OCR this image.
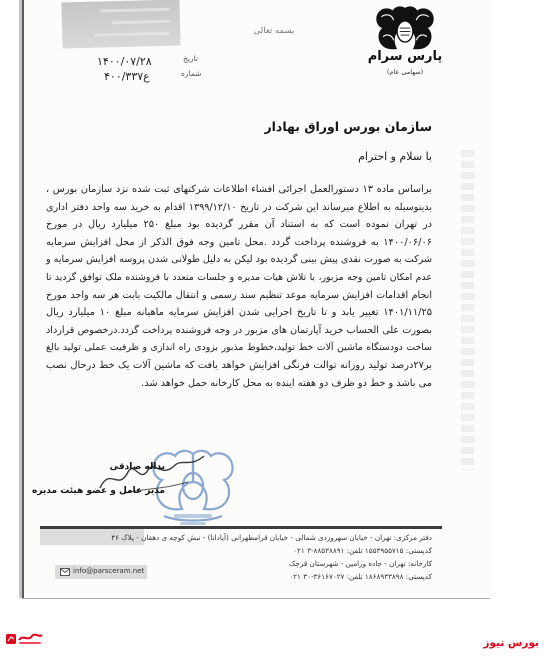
پارس سرام
(سهامی عام)
بسمه تعالی
تاریخ
۱۴۰۰/۰۷/۲۸
شماره
۴۰۰/۳۳۷ع
سازمان بورس اوراق بهادار
با سلام و احترام
براساس ماده ۱۳ دستورالعمل اجرائی افشاء اطلاعات شرکتهای ثبت شده نزد سازمان بورس ،
بدینوسیله به اطلاع میرساند این شرکت در تاریخ ۱۳۹۹/۱۲/۱۰ اقدام به خرید سه واحد دفتر اداری
در تهران نموده است که به استناد آن مقرر گردیده بود مبلغ ۲۵۰ میلیارد ریال در مورخ
۱۴۰۰/۰۶/۰۶ به فروشنده پرداخت گردد .محل تامین وجه فوق الذکر از محل افزایش سرمایه
شرکت به صورت نقدی پیش بینی گردیده بود لیکن به دلیل طولانی شدن پروسه افزایش سرمایه و
عدم امکان تامین وجه مزبور، با تلاش هیات مدیره و جلسات متعدد با فروشنده ملک توافق گردید تا
انجام اقدامات افزایش سرمایه موعد تنظیم سند رسمی و انتقال مالکیت بابت هر سه واحد مورخ
۱۴۰۱/۱۱/۲۵ تغییر یابد و تا تاریخ اجرایی شدن افزایش سرمایه ماهیانه مبلغ ۱۰ میلیارد ریال
بصورت علی الحساب خرید آپارتمان های مزبور در وجه فروشنده پرداخت گردد.درخصوص قرارداد
ساخت دودستگاه ماشین آلات خط تولید،خطوط مذبور بزودی راه اندازی و ظرفیت عملی تولید بالغ
بر۲۷درصد تولید روزانه توالت فرنگی افزایش خواهد یافت که ماشین آلات یک خط درحال نصب
می باشد و خط دو ظرف دو هفته اینده به محل کارخانه حمل خواهد شد.
یداله صادقی
مدیر عامل و عضو هیئت مدیره
دفتر مرکزی: تهران - خیابان سهروردی شمالی - خیابان قرامطهرانی (آپادانا) - نبش کوچه ی دهقان - پلاک ۴۶
کدپستی: ۱۵۵۳۹۵۵۷۱۵ تلفن: ۸۸۵۳۸۸۹۱-۳ ۰۲۱
کارخانه: تهران - جاده ورامین - شهرستان قرچک
کدپستی: ۱۸۶۸۹۳۳۸۹۸ تلفن: ۳۶۱۶۷۰۲۷-۳۰ ۰۲۱
info@parsceram.net
بورس نیوز
